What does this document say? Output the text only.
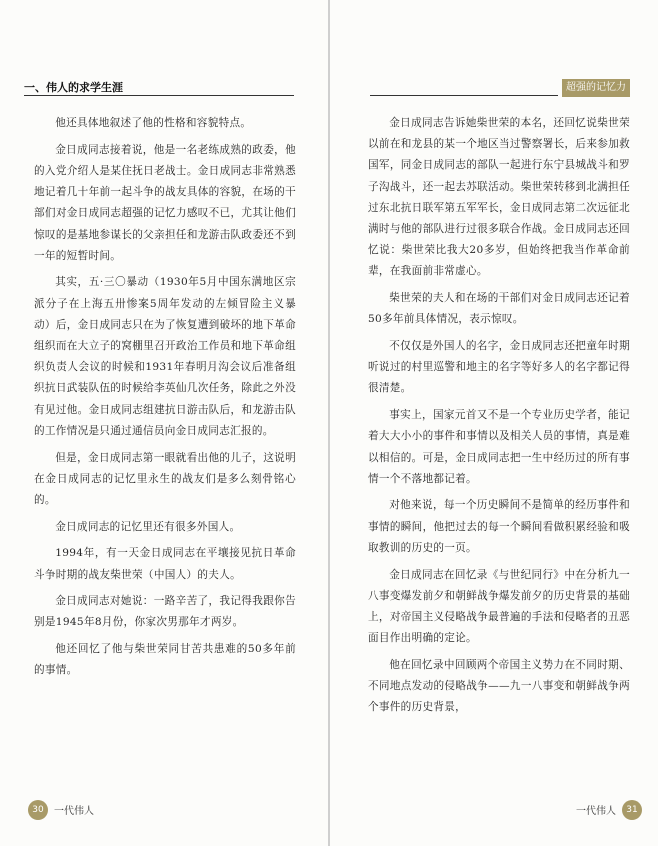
一、伟人的求学生涯

他还具体地叙述了他的性格和容貌特点。

金日成同志接着说，他是一名老练成熟的政委，他的入党介绍人是某住抚日老战士。金日成同志非常熟悉地记着几十年前一起斗争的战友具体的容貌，在场的干部们对金日成同志超强的记忆力感叹不已，尤其让他们惊叹的是基地参谋长的父亲担任和龙游击队政委还不到一年的短暂时间。

其实，五·三〇暴动（1930年5月中国东满地区宗派分子在上海五卅惨案5周年发动的左倾冒险主义暴动）后，金日成同志只在为了恢复遭到破坏的地下革命组织而在大立子的窝棚里召开政治工作员和地下革命组织负责人会议的时候和1931年春明月沟会议后准备组织抗日武装队伍的时候给李英仙几次任务，除此之外没有见过他。金日成同志组建抗日游击队后，和龙游击队的工作情况是只通过通信员向金日成同志汇报的。

但是，金日成同志第一眼就看出他的儿子，这说明在金日成同志的记忆里永生的战友们是多么刻骨铭心的。

金日成同志的记忆里还有很多外国人。

1994年，有一天金日成同志在平壤接见抗日革命斗争时期的战友柴世荣（中国人）的夫人。

金日成同志对她说：一路辛苦了，我记得我跟你告别是1945年8月份，你家次男那年才两岁。

他还回忆了他与柴世荣同甘苦共患难的50多年前的事情。

30 一代伟人
超强的记忆力

金日成同志告诉她柴世荣的本名，还回忆说柴世荣以前在和龙县的某一个地区当过警察署长，后来参加救国军，同金日成同志的部队一起进行东宁县城战斗和罗子沟战斗，还一起去苏联活动。柴世荣转移到北满担任过东北抗日联军第五军军长，金日成同志第二次远征北满时与他的部队进行过很多联合作战。金日成同志还回忆说：柴世荣比我大20多岁，但始终把我当作革命前辈，在我面前非常虚心。

柴世荣的夫人和在场的干部们对金日成同志还记着50多年前具体情况，表示惊叹。

不仅仅是外国人的名字，金日成同志还把童年时期听说过的村里巡警和地主的名字等好多人的名字都记得很清楚。

事实上，国家元首又不是一个专业历史学者，能记着大大小小的事件和事情以及相关人员的事情，真是难以相信的。可是，金日成同志把一生中经历过的所有事情一个不落地都记着。

对他来说，每一个历史瞬间不是简单的经历事件和事情的瞬间，他把过去的每一个瞬间看做积累经验和吸取教训的历史的一页。

金日成同志在回忆录《与世纪同行》中在分析九一八事变爆发前夕和朝鲜战争爆发前夕的历史背景的基础上，对帝国主义侵略战争最普遍的手法和侵略者的丑恶面目作出明确的定论。

他在回忆录中回顾两个帝国主义势力在不同时期、不同地点发动的侵略战争——九一八事变和朝鲜战争两个事件的历史背景，

一代伟人 31
